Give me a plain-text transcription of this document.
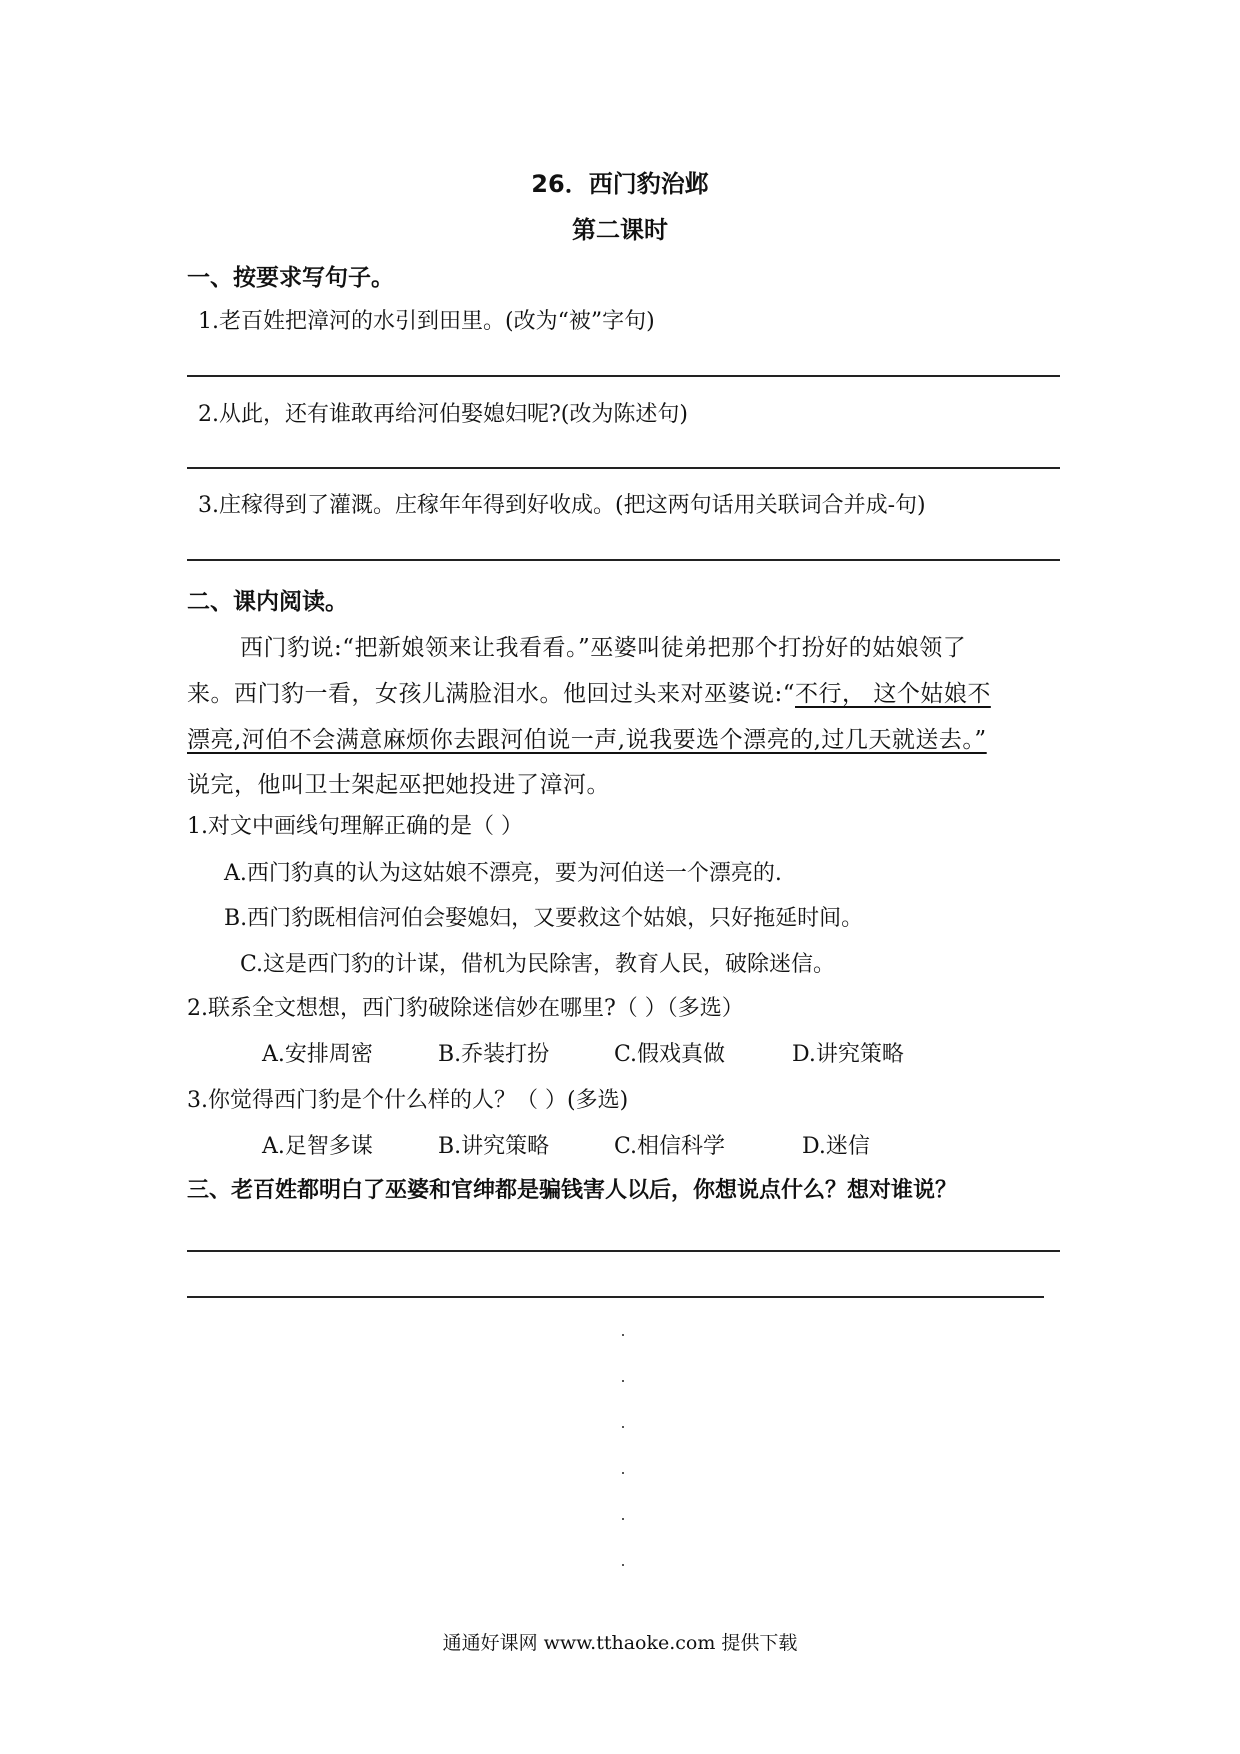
26．西门豹治邺
第二课时
一、按要求写句子。
1.老百姓把漳河的水引到田里。(改为“被”字句)
2.从此，还有谁敢再给河伯娶媳妇呢?(改为陈述句)
3.庄稼得到了灌溉。庄稼年年得到好收成。(把这两句话用关联词合并成-句)
二、课内阅读。
西门豹说:“把新娘领来让我看看。”巫婆叫徒弟把那个打扮好的姑娘领了
来。西门豹一看，女孩儿满脸泪水。他回过头来对巫婆说:“不行， 这个姑娘不
漂亮,河伯不会满意麻烦你去跟河伯说一声,说我要选个漂亮的,过几天就送去。”
说完，他叫卫士架起巫把她投进了漳河。
1.对文中画线句理解正确的是（ ）
A.西门豹真的认为这姑娘不漂亮，要为河伯送一个漂亮的.
B.西门豹既相信河伯会娶媳妇，又要救这个姑娘，只好拖延时间。
C.这是西门豹的计谋，借机为民除害，教育人民，破除迷信。
2.联系全文想想，西门豹破除迷信妙在哪里?（ ）（多选）
A.安排周密	B.乔装打扮	C.假戏真做	D.讲究策略
3.你觉得西门豹是个什么样的人？（ ）(多选)
A.足智多谋	B.讲究策略	C.相信科学	D.迷信
三、老百姓都明白了巫婆和官绅都是骗钱害人以后，你想说点什么？想对谁说？
通通好课网 www.tthaoke.com 提供下载
